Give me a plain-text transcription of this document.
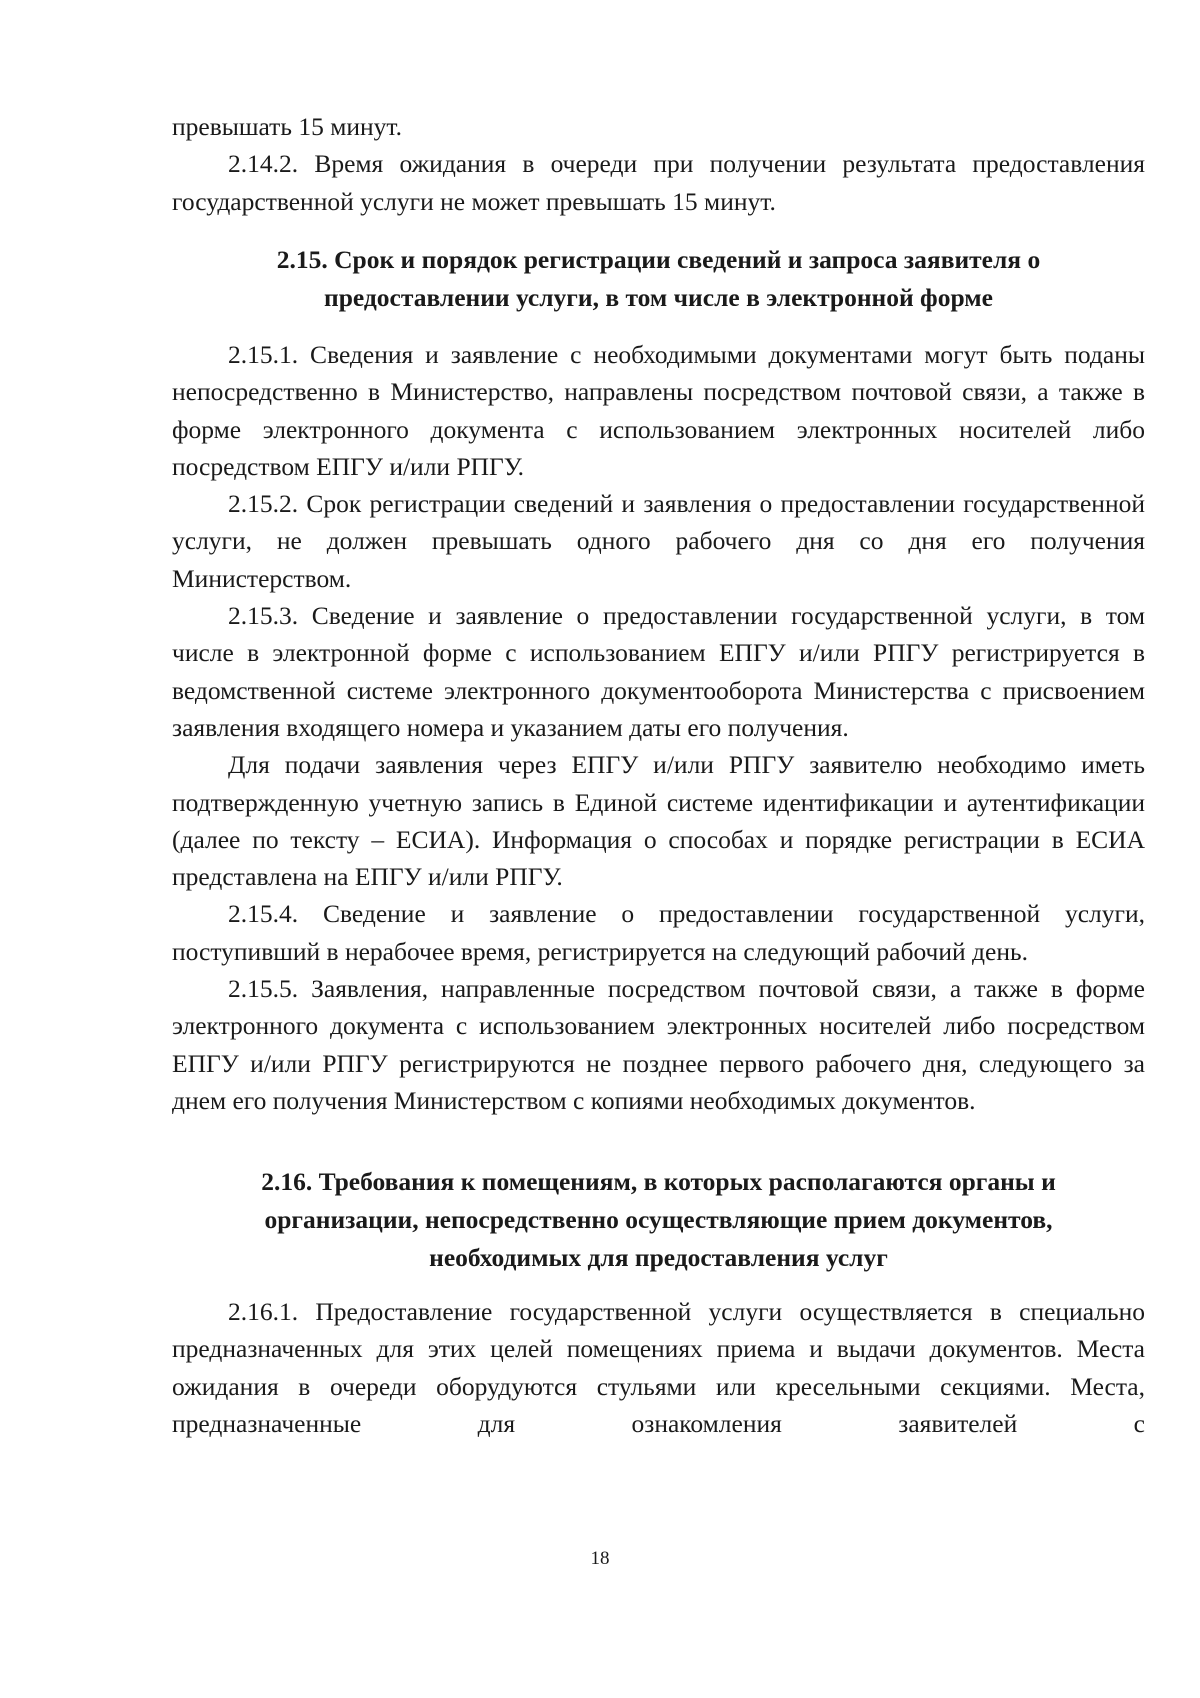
превышать 15 минут.

2.14.2. Время ожидания в очереди при получении результата предоставления государственной услуги не может превышать 15 минут.

2.15. Срок и порядок регистрации сведений и запроса заявителя о предоставлении услуги, в том числе в электронной форме

2.15.1. Сведения и заявление с необходимыми документами могут быть поданы непосредственно в Министерство, направлены посредством почтовой связи, а также в форме электронного документа с использованием электронных носителей либо посредством ЕПГУ и/или РПГУ.

2.15.2. Срок регистрации сведений и заявления о предоставлении государственной услуги, не должен превышать одного рабочего дня со дня его получения Министерством.

2.15.3. Сведение и заявление о предоставлении государственной услуги, в том числе в электронной форме с использованием ЕПГУ и/или РПГУ регистрируется в ведомственной системе электронного документооборота Министерства с присвоением заявления входящего номера и указанием даты его получения.

Для подачи заявления через ЕПГУ и/или РПГУ заявителю необходимо иметь подтвержденную учетную запись в Единой системе идентификации и аутентификации (далее по тексту – ЕСИА). Информация о способах и порядке регистрации в ЕСИА представлена на ЕПГУ и/или РПГУ.

2.15.4. Сведение и заявление о предоставлении государственной услуги, поступивший в нерабочее время, регистрируется на следующий рабочий день.

2.15.5. Заявления, направленные посредством почтовой связи, а также в форме электронного документа с использованием электронных носителей либо посредством ЕПГУ и/или РПГУ регистрируются не позднее первого рабочего дня, следующего за днем его получения Министерством с копиями необходимых документов.

2.16. Требования к помещениям, в которых располагаются органы и организации, непосредственно осуществляющие прием документов, необходимых для предоставления услуг

2.16.1. Предоставление государственной услуги осуществляется в специально предназначенных для этих целей помещениях приема и выдачи документов. Места ожидания в очереди оборудуются стульями или кресельными секциями. Места, предназначенные для ознакомления заявителей с

18
